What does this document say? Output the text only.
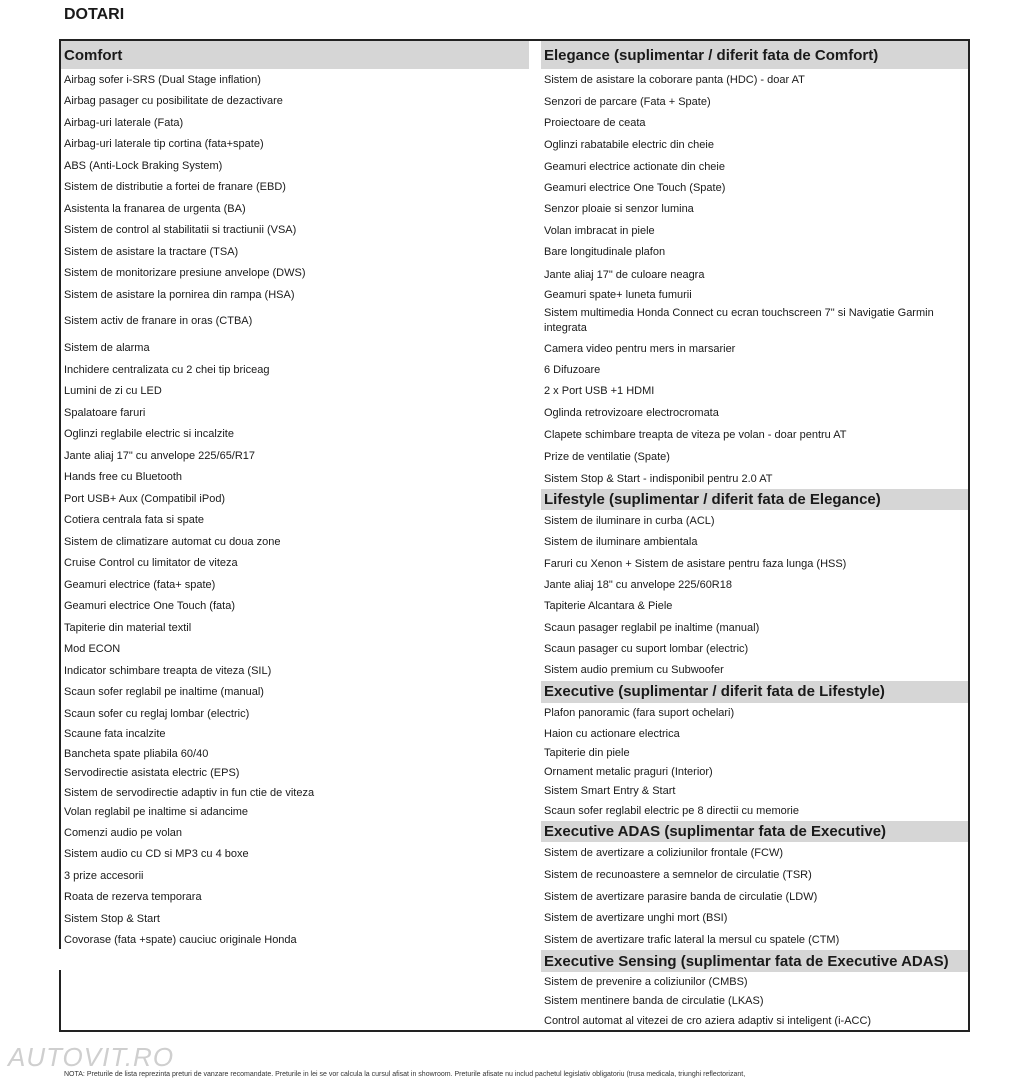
DOTARI
Comfort
Airbag sofer i-SRS (Dual Stage inflation)
Airbag pasager cu posibilitate de dezactivare
Airbag-uri laterale (Fata)
Airbag-uri laterale tip cortina (fata+spate)
ABS (Anti-Lock Braking System)
Sistem de distributie a fortei de franare (EBD)
Asistenta la franarea de urgenta (BA)
Sistem de control al stabilitatii si tractiunii (VSA)
Sistem de asistare la tractare (TSA)
Sistem de monitorizare presiune anvelope (DWS)
Sistem de asistare la pornirea din rampa (HSA)
Sistem activ de franare in oras (CTBA)
Sistem de alarma
Inchidere centralizata cu 2 chei tip briceag
Lumini de zi cu LED
Spalatoare faruri
Oglinzi reglabile electric si incalzite
Jante aliaj 17" cu anvelope 225/65/R17
Hands free cu Bluetooth
Port USB+ Aux (Compatibil iPod)
Cotiera centrala fata si spate
Sistem de climatizare automat cu doua zone
Cruise Control cu limitator de viteza
Geamuri electrice (fata+ spate)
Geamuri electrice One Touch (fata)
Tapiterie din material textil
Mod ECON
Indicator schimbare treapta de viteza (SIL)
Scaun sofer reglabil pe inaltime (manual)
Scaun sofer cu reglaj lombar (electric)
Scaune fata incalzite
Bancheta spate pliabila 60/40
Servodirectie asistata electric (EPS)
Sistem de servodirectie adaptiv in fun ctie de viteza
Volan reglabil pe inaltime si adancime
Comenzi audio pe volan
Sistem audio cu CD si MP3 cu 4 boxe
3 prize accesorii
Roata de rezerva temporara
Sistem Stop & Start
Covorase (fata +spate) cauciuc originale Honda
Elegance (suplimentar / diferit fata de Comfort)
Sistem de asistare la coborare panta (HDC) - doar AT
Senzori de parcare (Fata + Spate)
Proiectoare de ceata
Oglinzi rabatabile electric din cheie
Geamuri electrice actionate din cheie
Geamuri electrice One Touch (Spate)
Senzor ploaie si senzor lumina
Volan imbracat in piele
Bare longitudinale plafon
Jante aliaj 17" de culoare neagra
Geamuri spate+ luneta fumurii
Sistem multimedia Honda Connect cu ecran touchscreen 7" si Navigatie Garmin integrata
Camera video pentru mers in marsarier
6 Difuzoare
2 x Port USB +1 HDMI
Oglinda retrovizoare electrocromata
Clapete schimbare treapta de viteza pe volan - doar pentru AT
Prize de ventilatie (Spate)
Sistem Stop & Start - indisponibil pentru 2.0 AT
Lifestyle (suplimentar / diferit fata de Elegance)
Sistem de iluminare in curba (ACL)
Sistem de iluminare ambientala
Faruri cu Xenon + Sistem de asistare pentru faza lunga (HSS)
Jante aliaj 18" cu anvelope 225/60R18
Tapiterie Alcantara & Piele
Scaun pasager reglabil pe inaltime (manual)
Scaun pasager cu suport lombar (electric)
Sistem audio premium cu Subwoofer
Executive (suplimentar / diferit fata de Lifestyle)
Plafon panoramic (fara suport ochelari)
Haion cu actionare electrica
Tapiterie din piele
Ornament metalic praguri (Interior)
Sistem Smart Entry & Start
Scaun sofer reglabil electric pe 8 directii cu memorie
Executive ADAS (suplimentar fata de Executive)
Sistem de avertizare a coliziunilor frontale (FCW)
Sistem de recunoastere a semnelor de circulatie (TSR)
Sistem de avertizare parasire banda de circulatie (LDW)
Sistem de avertizare unghi mort (BSI)
Sistem de avertizare trafic lateral la mersul cu spatele (CTM)
Executive Sensing (suplimentar fata de Executive ADAS)
Sistem de prevenire a coliziunilor (CMBS)
Sistem mentinere banda de circulatie (LKAS)
Control automat al vitezei de cro aziera adaptiv si inteligent (i-ACC)
AUTOVIT.RO
NOTA: Preturile de lista reprezinta preturi de vanzare recomandate. Preturile in lei se vor calcula la cursul afisat in showroom. Preturile afisate nu includ pachetul legislativ obligatoriu (trusa medicala, triunghi reflectorizant,
